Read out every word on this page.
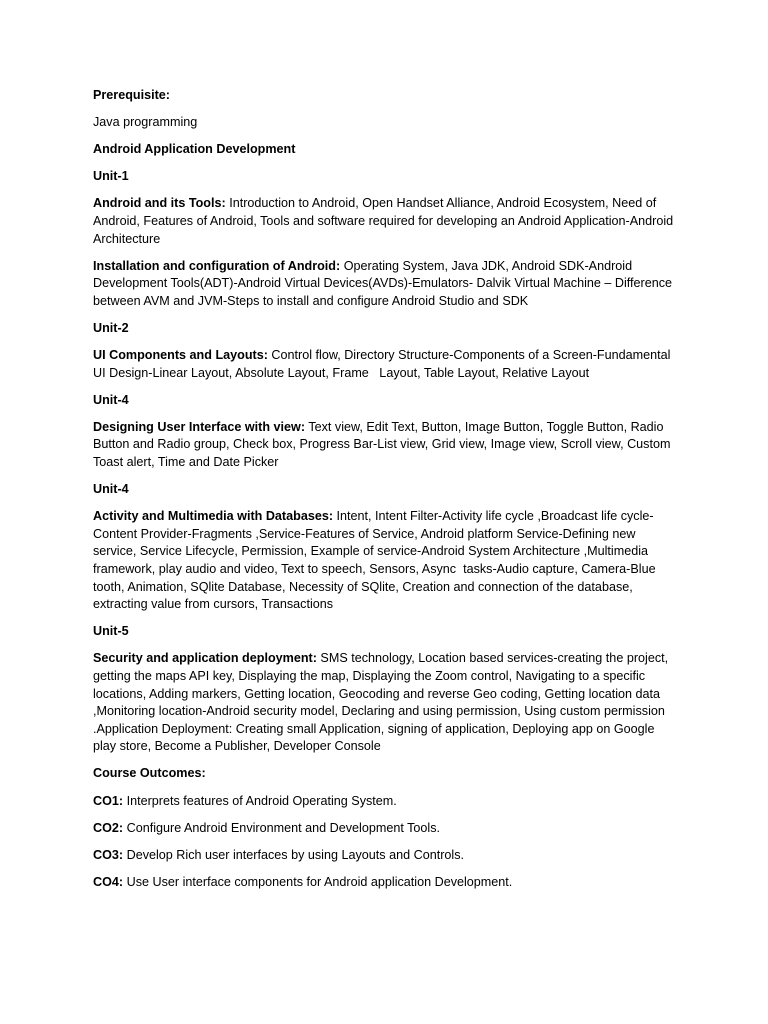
Prerequisite:

Java programming

Android Application Development

Unit-1

Android and its Tools: Introduction to Android, Open Handset Alliance, Android Ecosystem, Need of Android, Features of Android, Tools and software required for developing an Android Application-Android Architecture

Installation and configuration of Android: Operating System, Java JDK, Android SDK-Android Development Tools(ADT)-Android Virtual Devices(AVDs)-Emulators- Dalvik Virtual Machine – Difference between AVM and JVM-Steps to install and configure Android Studio and SDK

Unit-2

UI Components and Layouts: Control flow, Directory Structure-Components of a Screen-Fundamental UI Design-Linear Layout, Absolute Layout, Frame   Layout, Table Layout, Relative Layout

Unit-4

Designing User Interface with view: Text view, Edit Text, Button, Image Button, Toggle Button, Radio Button and Radio group, Check box, Progress Bar-List view, Grid view, Image view, Scroll view, Custom Toast alert, Time and Date Picker

Unit-4

Activity and Multimedia with Databases: Intent, Intent Filter-Activity life cycle ,Broadcast life cycle-Content Provider-Fragments ,Service-Features of Service, Android platform Service-Defining new service, Service Lifecycle, Permission, Example of service-Android System Architecture ,Multimedia framework, play audio and video, Text to speech, Sensors, Async  tasks-Audio capture, Camera-Blue tooth, Animation, SQlite Database, Necessity of SQlite, Creation and connection of the database, extracting value from cursors, Transactions

Unit-5

Security and application deployment: SMS technology, Location based services-creating the project, getting the maps API key, Displaying the map, Displaying the Zoom control, Navigating to a specific locations, Adding markers, Getting location, Geocoding and reverse Geo coding, Getting location data ,Monitoring location-Android security model, Declaring and using permission, Using custom permission .Application Deployment: Creating small Application, signing of application, Deploying app on Google play store, Become a Publisher, Developer Console

Course Outcomes:

CO1: Interprets features of Android Operating System.

CO2: Configure Android Environment and Development Tools.

CO3: Develop Rich user interfaces by using Layouts and Controls.

CO4: Use User interface components for Android application Development.
